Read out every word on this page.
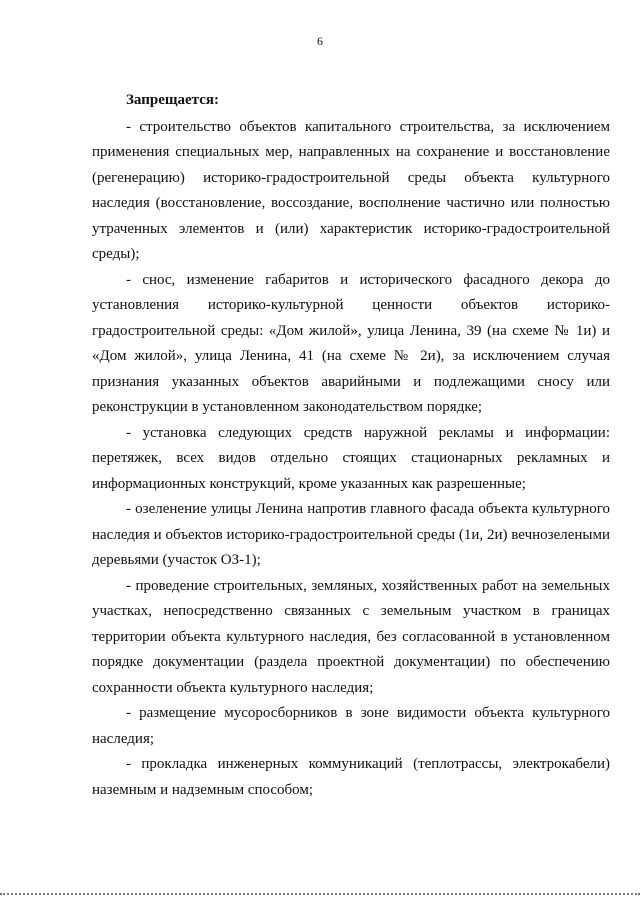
6

Запрещается:

- строительство объектов капитального строительства, за исключением применения специальных мер, направленных на сохранение и восстановление (регенерацию) историко-градостроительной среды объекта культурного наследия (восстановление, воссоздание, восполнение частично или полностью утраченных элементов и (или) характеристик историко-градостроительной среды);

- снос, изменение габаритов и исторического фасадного декора до установления историко-культурной ценности объектов историко-градостроительной среды: «Дом жилой», улица Ленина, 39 (на схеме № 1и) и «Дом жилой», улица Ленина, 41 (на схеме № 2и), за исключением случая признания указанных объектов аварийными и подлежащими сносу или реконструкции в установленном законодательством порядке;

- установка следующих средств наружной рекламы и информации: перетяжек, всех видов отдельно стоящих стационарных рекламных и информационных конструкций, кроме указанных как разрешенные;

- озеленение улицы Ленина напротив главного фасада объекта культурного наследия и объектов историко-градостроительной среды (1и, 2и) вечнозелеными деревьями (участок ОЗ-1);

- проведение строительных, земляных, хозяйственных работ на земельных участках, непосредственно связанных с земельным участком в границах территории объекта культурного наследия, без согласованной в установленном порядке документации (раздела проектной документации) по обеспечению сохранности объекта культурного наследия;

- размещение мусоросборников в зоне видимости объекта культурного наследия;

- прокладка инженерных коммуникаций (теплотрассы, электрокабели) наземным и надземным способом;
